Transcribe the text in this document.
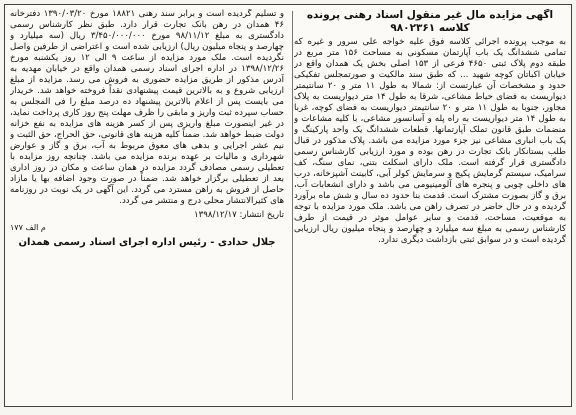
اگهی مزایده مال غیر منقول اسناد رهنی پرونده کلاسه ۹۸۰۲۳۶۱

به موجب پرونده اجرائی کلاسه فوق علیه خواجه علی سرور و غیره که تمامی ششدانگ یک باب آپارتمان مسکونی به مساحت ۱۵۶ متر مربع در طبقه دوم پلاک ثبتی ۴۶۵۰ فرعی از ۱۵۳ اصلی بخش یک همدان واقع در خیابان اکباتان کوچه شهید ... که طبق سند مالکیت و صورتمجلس تفکیکی حدود و مشخصات آن عبارتست از: شمالا به طول ۱۱ متر و ۲۰ سانتیمتر دیواریست به فضای حیاط مشاعی، شرقا به طول ۱۴ متر دیواریست به پلاک مجاور، جنوبا به طول ۱۱ متر و ۲۰ سانتیمتر دیواریست به فضای کوچه، غربا به طول ۱۴ متر دیواریست به راه پله و آسانسور مشاعی، با کلیه مشاعات و منضمات طبق قانون تملک آپارتمانها. قطعات ششدانگ یک واحد پارکینگ و یک باب انباری مشاعی نیز جزء مورد مزایده می باشد. پلاک مذکور در قبال طلب بستانکار بانک تجارت در رهن بوده و مورد ارزیابی کارشناس رسمی دادگستری قرار گرفته است. ملک دارای اسکلت بتنی، نمای سنگ، کف سرامیک، سیستم گرمایش پکیج و سرمایش کولر آبی، کابینت آشپزخانه، درب های داخلی چوبی و پنجره های آلومینیومی می باشد و دارای انشعابات آب، برق و گاز بصورت مشترک است. قدمت بنا حدود ده سال و شش ماه برآورد گردیده و در حال حاضر در تصرف راهن می باشد. ملک مورد مزایده با توجه به موقعیت، مساحت، قدمت و سایر عوامل موثر در قیمت از طرف کارشناس رسمی به مبلغ سه میلیارد و چهارصد و پنجاه میلیون ریال ارزیابی گردیده است و در سوابق ثبتی بازداشت دیگری ندارد.

و تسلیم گردیده است و برابر سند رهنی ۱۸۸۲۱ مورخ ۱۳۹۰/۰۳/۲۰ دفترخانه ۴۶ همدان در رهن بانک تجارت قرار دارد. طبق نظر کارشناس رسمی دادگستری به مبلغ ۹۸/۱۱/۱۲ مورخ ۳/۴۵۰/۰۰۰/۰۰۰ ریال (سه میلیارد و چهارصد و پنجاه میلیون ریال) ارزیابی شده است و اعتراضی از طرفین واصل نگردیده است. ملک مورد مزایده از ساعت ۹ الی ۱۲ روز یکشنبه مورخ ۱۳۹۸/۱۲/۲۶ در اداره اجرای اسناد رسمی همدان واقع در خیابان مهدیه به آدرس مذکور از طریق مزایده حضوری به فروش می رسد. مزایده از مبلغ ارزیابی شروع و به بالاترین قیمت پیشنهادی نقداً فروخته خواهد شد. خریدار می بایست پس از اعلام بالاترین پیشنهاد ده درصد مبلغ را فی المجلس به حساب سپرده ثبت واریز و مابقی را ظرف مهلت پنج روز کاری پرداخت نماید، در غیر اینصورت مبلغ واریزی پس از کسر هزینه های مزایده به نفع خزانه دولت ضبط خواهد شد. ضمناً کلیه هزینه های قانونی، حق الحراج، حق الثبت و نیم عشر اجرایی و بدهی های معوق مربوط به آب، برق و گاز و عوارض شهرداری و مالیات بر عهده برنده مزایده می باشد. چنانچه روز مزایده با تعطیلی رسمی مصادف گردد مزایده در همان ساعت و مکان در روز اداری بعد از تعطیلی برگزار خواهد شد. ضمناً در صورت وجود اضافه بها یا مازاد حاصل از فروش به راهن مسترد می گردد. این آگهی در یک نوبت در روزنامه های کثیرالانتشار محلی درج و منتشر می گردد.

تاریخ انتشار: ۱۳۹۸/۱۲/۱۷
م الف ۱۷۷
جلال حدادی - رئیس اداره اجرای اسناد رسمی همدان
